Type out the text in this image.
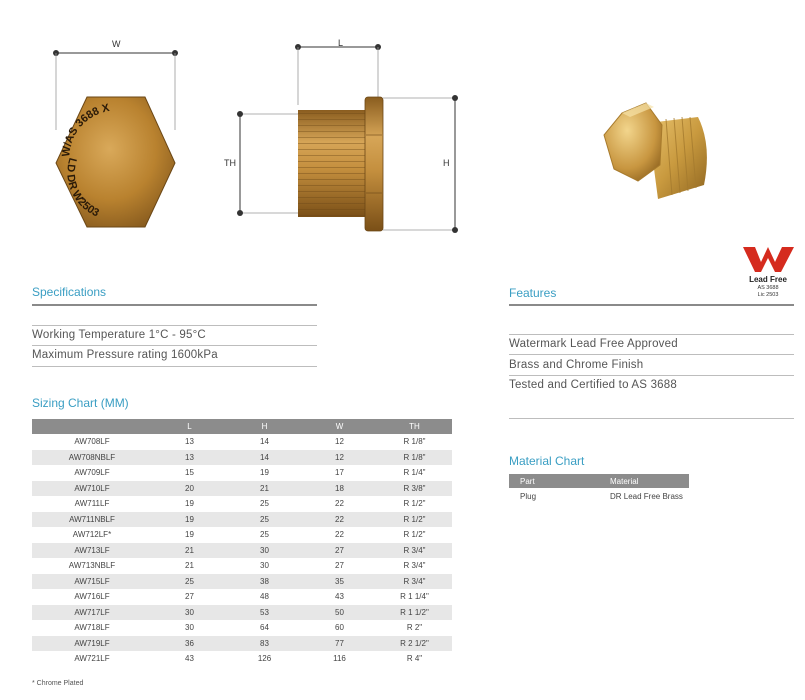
W/AS 3688 X
LD DR W2503
W	L
TH	H
Lead Free
AS 3688
Lic 2503
Specifications
Working Temperature 1°C - 95°C
Maximum Pressure rating 1600kPa
Features
Watermark Lead Free Approved
Brass and Chrome Finish
Tested and Certified to AS 3688
Sizing Chart (MM)
	L	H	W	TH
AW708LF	13	14	12	R 1/8"
AW708NBLF	13	14	12	R 1/8"
AW709LF	15	19	17	R 1/4"
AW710LF	20	21	18	R 3/8"
AW711LF	19	25	22	R 1/2"
AW711NBLF	19	25	22	R 1/2"
AW712LF*	19	25	22	R 1/2"
AW713LF	21	30	27	R 3/4"
AW713NBLF	21	30	27	R 3/4"
AW715LF	25	38	35	R 3/4"
AW716LF	27	48	43	R 1 1/4"
AW717LF	30	53	50	R 1 1/2"
AW718LF	30	64	60	R 2"
AW719LF	36	83	77	R 2 1/2"
AW721LF	43	126	116	R 4"
* Chrome Plated
Material Chart
Part	Material
Plug	DR Lead Free Brass
